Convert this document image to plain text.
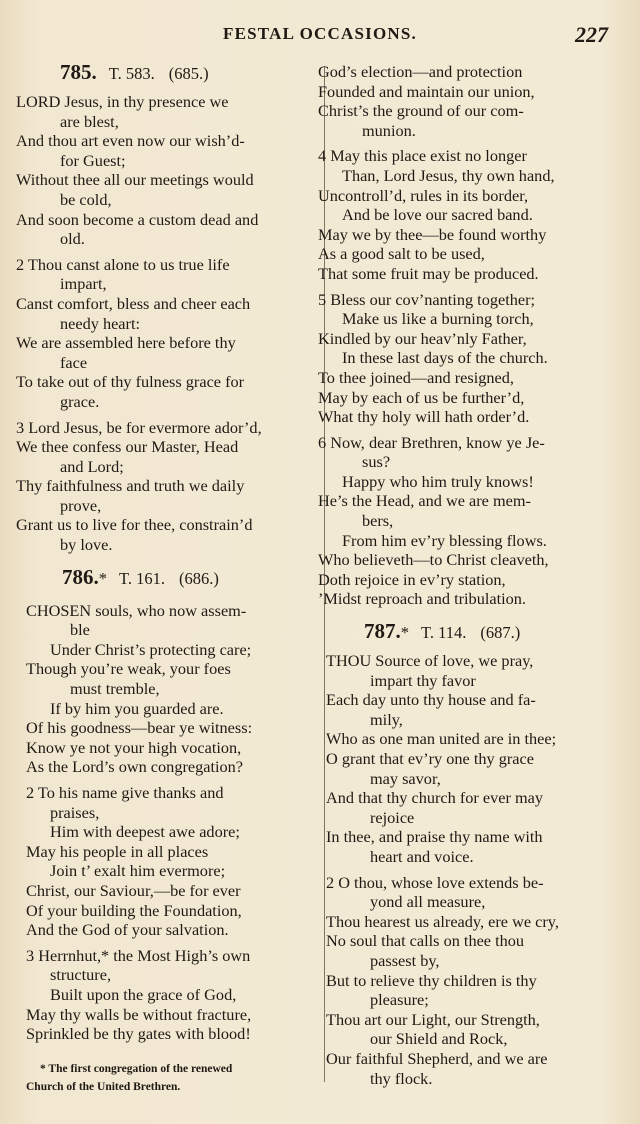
FESTAL OCCASIONS.	227
785. T. 583. (685.)
LORD Jesus, in thy presence we
are blest,
And thou art even now our wish’d-
for Guest;
Without thee all our meetings would
be cold,
And soon become a custom dead and
old.
2 Thou canst alone to us true life
impart,
Canst comfort, bless and cheer each
needy heart:
We are assembled here before thy
face
To take out of thy fulness grace for
grace.
3 Lord Jesus, be for evermore ador’d,
We thee confess our Master, Head
and Lord;
Thy faithfulness and truth we daily
prove,
Grant us to live for thee, constrain’d
by love.
786.* T. 161. (686.)
CHOSEN souls, who now assem-
ble
Under Christ’s protecting care;
Though you’re weak, your foes
must tremble,
If by him you guarded are.
Of his goodness—bear ye witness:
Know ye not your high vocation,
As the Lord’s own congregation?
2 To his name give thanks and
praises,
Him with deepest awe adore;
May his people in all places
Join t’ exalt him evermore;
Christ, our Saviour,—be for ever
Of your building the Foundation,
And the God of your salvation.
3 Herrnhut,* the Most High’s own
structure,
Built upon the grace of God,
May thy walls be without fracture,
Sprinkled be thy gates with blood!
* The first congregation of the renewed
Church of the United Brethren.
God’s election—and protection
Founded and maintain our union,
Christ’s the ground of our com-
munion.
4 May this place exist no longer
Than, Lord Jesus, thy own hand,
Uncontroll’d, rules in its border,
And be love our sacred band.
May we by thee—be found worthy
As a good salt to be used,
That some fruit may be produced.
5 Bless our cov’nanting together;
Make us like a burning torch,
Kindled by our heav’nly Father,
In these last days of the church.
To thee joined—and resigned,
May by each of us be further’d,
What thy holy will hath order’d.
6 Now, dear Brethren, know ye Je-
sus?
Happy who him truly knows!
He’s the Head, and we are mem-
bers,
From him ev’ry blessing flows.
Who believeth—to Christ cleaveth,
Doth rejoice in ev’ry station,
’Midst reproach and tribulation.
787.* T. 114. (687.)
THOU Source of love, we pray,
impart thy favor
Each day unto thy house and fa-
mily,
Who as one man united are in thee;
O grant that ev’ry one thy grace
may savor,
And that thy church for ever may
rejoice
In thee, and praise thy name with
heart and voice.
2 O thou, whose love extends be-
yond all measure,
Thou hearest us already, ere we cry,
No soul that calls on thee thou
passest by,
But to relieve thy children is thy
pleasure;
Thou art our Light, our Strength,
our Shield and Rock,
Our faithful Shepherd, and we are
thy flock.
